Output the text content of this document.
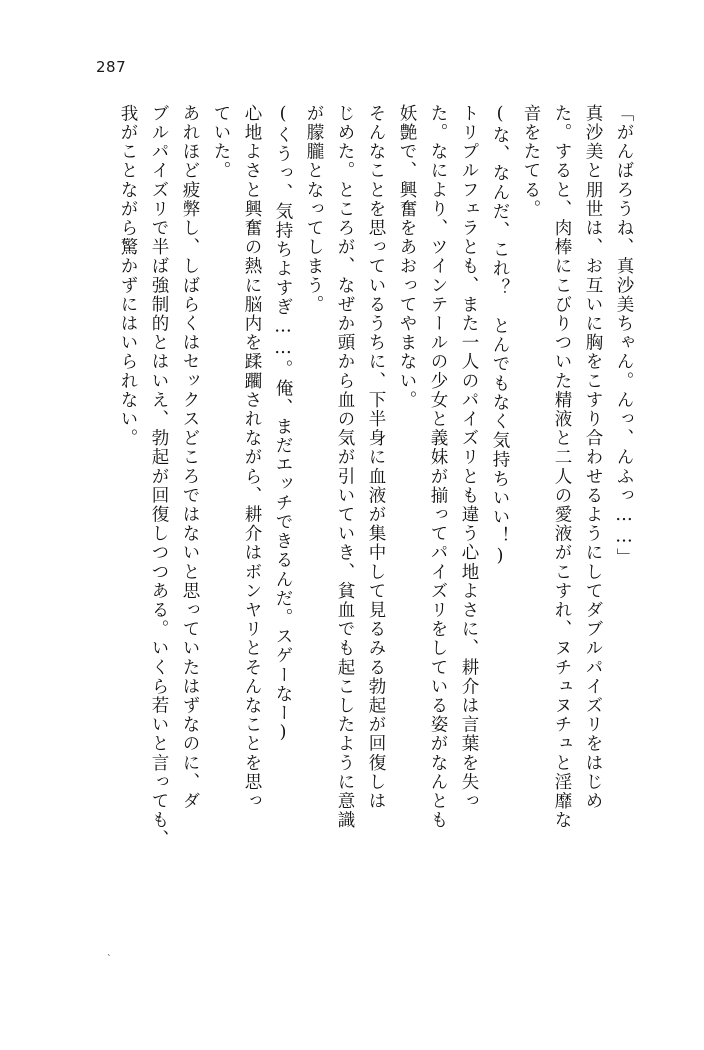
287
「がんばろうね、真沙美ちゃん。んっ、んふっ……」
真沙美と朋世は、お互いに胸をこすり合わせるようにしてダブルパイズリをはじめ
た。すると、肉棒にこびりついた精液と二人の愛液がこすれ、ヌチュヌチュと淫靡な
音をたてる。
(な、なんだ、これ？　とんでもなく気持ちいい！)
トリプルフェラとも、また一人のパイズリとも違う心地よさに、耕介は言葉を失っ
た。なにより、ツインテールの少女と義妹が揃ってパイズリをしている姿がなんとも
妖艶で、興奮をあおってやまない。
そんなことを思っているうちに、下半身に血液が集中して見るみる勃起が回復しは
じめた。ところが、なぜか頭から血の気が引いていき、貧血でも起こしたように意識
が朦朧となってしまう。
(くうっ、気持ちよすぎ……。俺、まだエッチできるんだ。スゲーなー)
心地よさと興奮の熱に脳内を蹂躙されながら、耕介はボンヤリとそんなことを思っ
ていた。
あれほど疲弊し、しばらくはセックスどころではないと思っていたはずなのに、ダ
ブルパイズリで半ば強制的とはいえ、勃起が回復しつつある。いくら若いと言っても、
我がことながら驚かずにはいられない。
`
